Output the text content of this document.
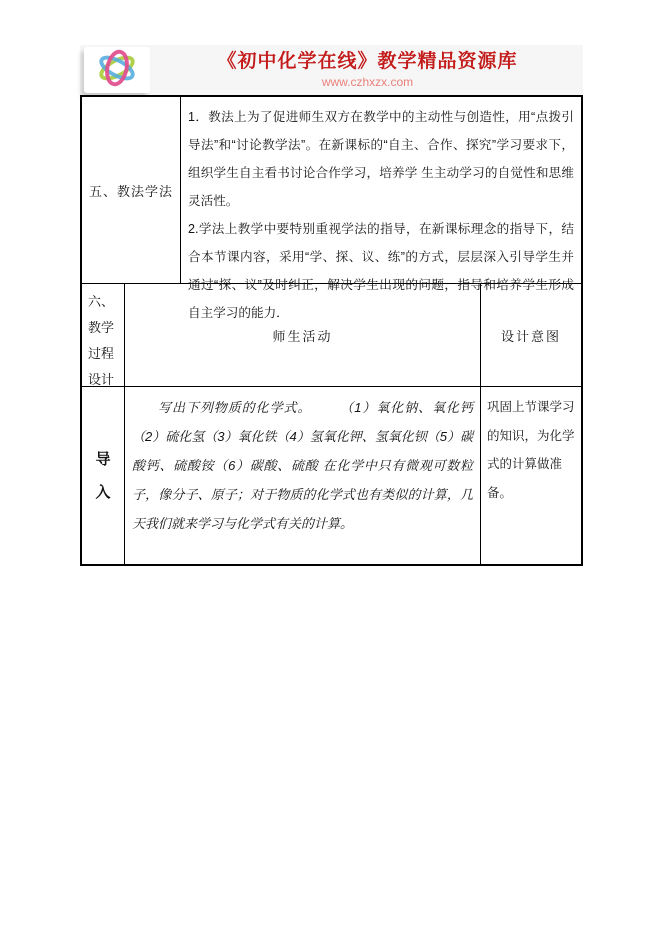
《初中化学在线》教学精品资源库
www.czhxzx.com
五、教法学法

1．教法上为了促进师生双方在教学中的主动性与创造性，用“点拨引导法”和“讨论教学法”。在新课标的“自主、合作、探究”学习要求下，组织学生自主看书讨论合作学习，培养学 生主动学习的自觉性和思维灵活性。

2.学法上教学中要特别重视学法的指导，在新课标理念的指导下，结合本节课内容，采用“学、探、议、练”的方式，层层深入引导学生并通过“探、议”及时纠正，解决学生出现的问题，指导和培养学生形成自主学习的能力．

六、
教学
过程
设计
师生活动	设计意图
导
入

写出下列物质的化学式。　　　（1）氧化钠、氧化钙（2）硫化氢（3）氧化铁（4）氢氧化钾、氢氧化钡（5）碳酸钙、硫酸铵（6）碳酸、硫酸 在化学中只有微观可数粒子，像分子、原子；对于物质的化学式也有类似的计算，几天我们就来学习与化学式有关的计算。

巩固上节课学习的知识，为化学式的计算做准备。
